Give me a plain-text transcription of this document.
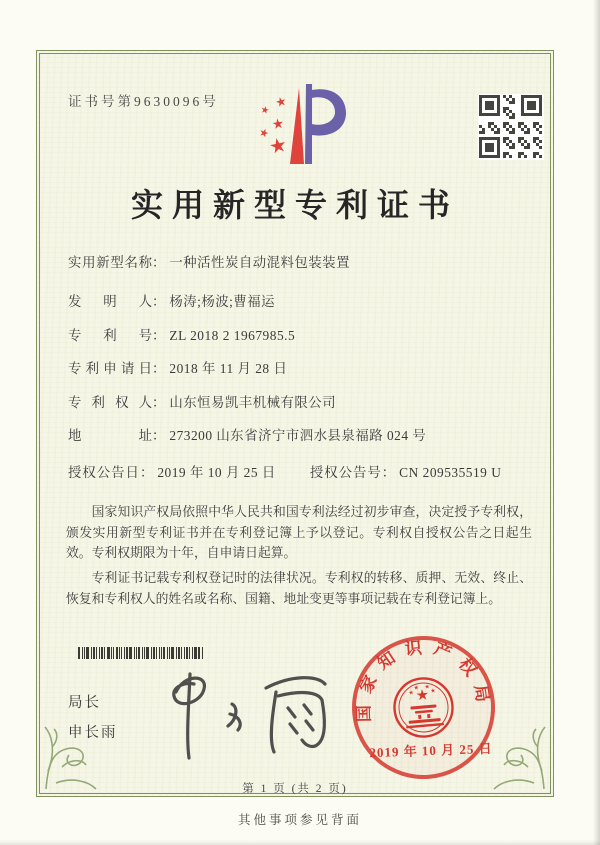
证书号第9630096号
实用新型专利证书
实用新型名称： 一种活性炭自动混料包装装置
发明人： 杨涛;杨波;曹福运
专利号： ZL 2018 2 1967985.5
专利申请日： 2018 年 11 月 28 日
专利权人： 山东恒易凯丰机械有限公司
地址： 273200 山东省济宁市泗水县泉福路 024 号
授权公告日： 2019 年 10 月 25 日	授权公告号： CN 209535519 U

国家知识产权局依照中华人民共和国专利法经过初步审查，决定授予专利权，颁发实用新型专利证书并在专利登记簿上予以登记。专利权自授权公告之日起生效。专利权期限为十年，自申请日起算。

专利证书记载专利权登记时的法律状况。专利权的转移、质押、无效、终止、恢复和专利权人的姓名或名称、国籍、地址变更等事项记载在专利登记簿上。

局长
申长雨
国家知识产权局
2019 年 10 月 25 日
第 1 页 (共 2 页)
其他事项参见背面
